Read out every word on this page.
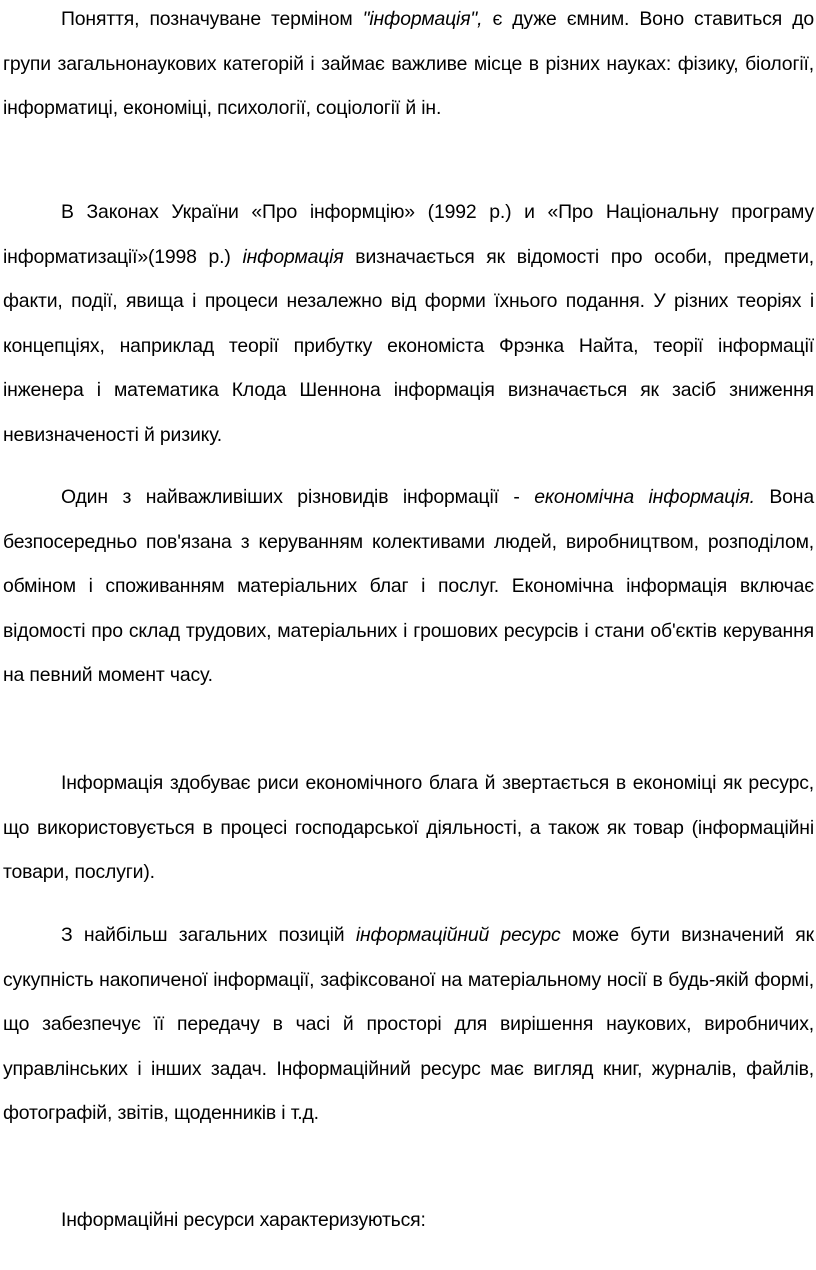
Поняття, позначуване терміном "інформація", є дуже ємним. Воно ставиться до групи загальнонаукових категорій і займає важливе місце в різних науках: фізику, біології, інформатиці, економіці, психології, соціології й ін.

В Законах України «Про інформцію» (1992 р.) и «Про Національну програму інформатизації»(1998 р.) інформація визначається як відомості про особи, предмети, факти, події, явища і процеси незалежно від форми їхнього подання. У різних теоріях і концепціях, наприклад теорії прибутку економіста Фрэнка Найта, теорії інформації інженера і математика Клода Шеннона інформація визначається як засіб зниження невизначеності й ризику.

Один з найважливіших різновидів інформації - економічна інформація. Вона безпосередньо пов'язана з керуванням колективами людей, виробництвом, розподілом, обміном і споживанням матеріальних благ і послуг. Економічна інформація включає відомості про склад трудових, матеріальних і грошових ресурсів і стани об'єктів керування на певний момент часу.

Інформація здобуває риси економічного блага й звертається в економіці як ресурс, що використовується в процесі господарської діяльності, а також як товар (інформаційні товари, послуги).

З найбільш загальних позицій інформаційний ресурс може бути визначений як сукупність накопиченої інформації, зафіксованої на матеріальному носії в будь-якій формі, що забезпечує її передачу в часі й просторі для вирішення наукових, виробничих, управлінських і інших задач. Інформаційний ресурс має вигляд книг, журналів, файлів, фотографій, звітів, щоденників і т.д.

Інформаційні ресурси характеризуються:
